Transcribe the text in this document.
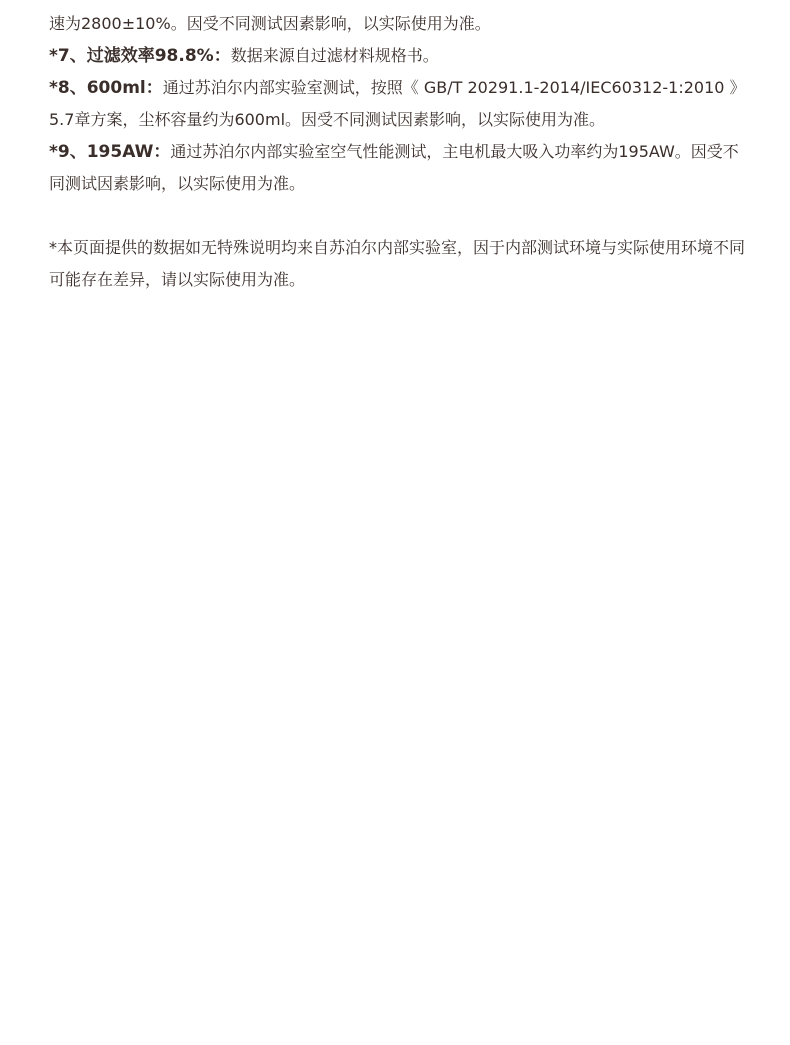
速为2800±10%。因受不同测试因素影响，以实际使用为准。

*7、过滤效率98.8%：数据来源自过滤材料规格书。

*8、600ml：通过苏泊尔内部实验室测试，按照《 GB/T 20291.1-2014/IEC60312-1:2010 》5.7章方案，尘杯容量约为600ml。因受不同测试因素影响，以实际使用为准。

*9、195AW：通过苏泊尔内部实验室空气性能测试，主电机最大吸入功率约为195AW。因受不同测试因素影响，以实际使用为准。

*本页面提供的数据如无特殊说明均来自苏泊尔内部实验室，因于内部测试环境与实际使用环境不同可能存在差异，请以实际使用为准。
